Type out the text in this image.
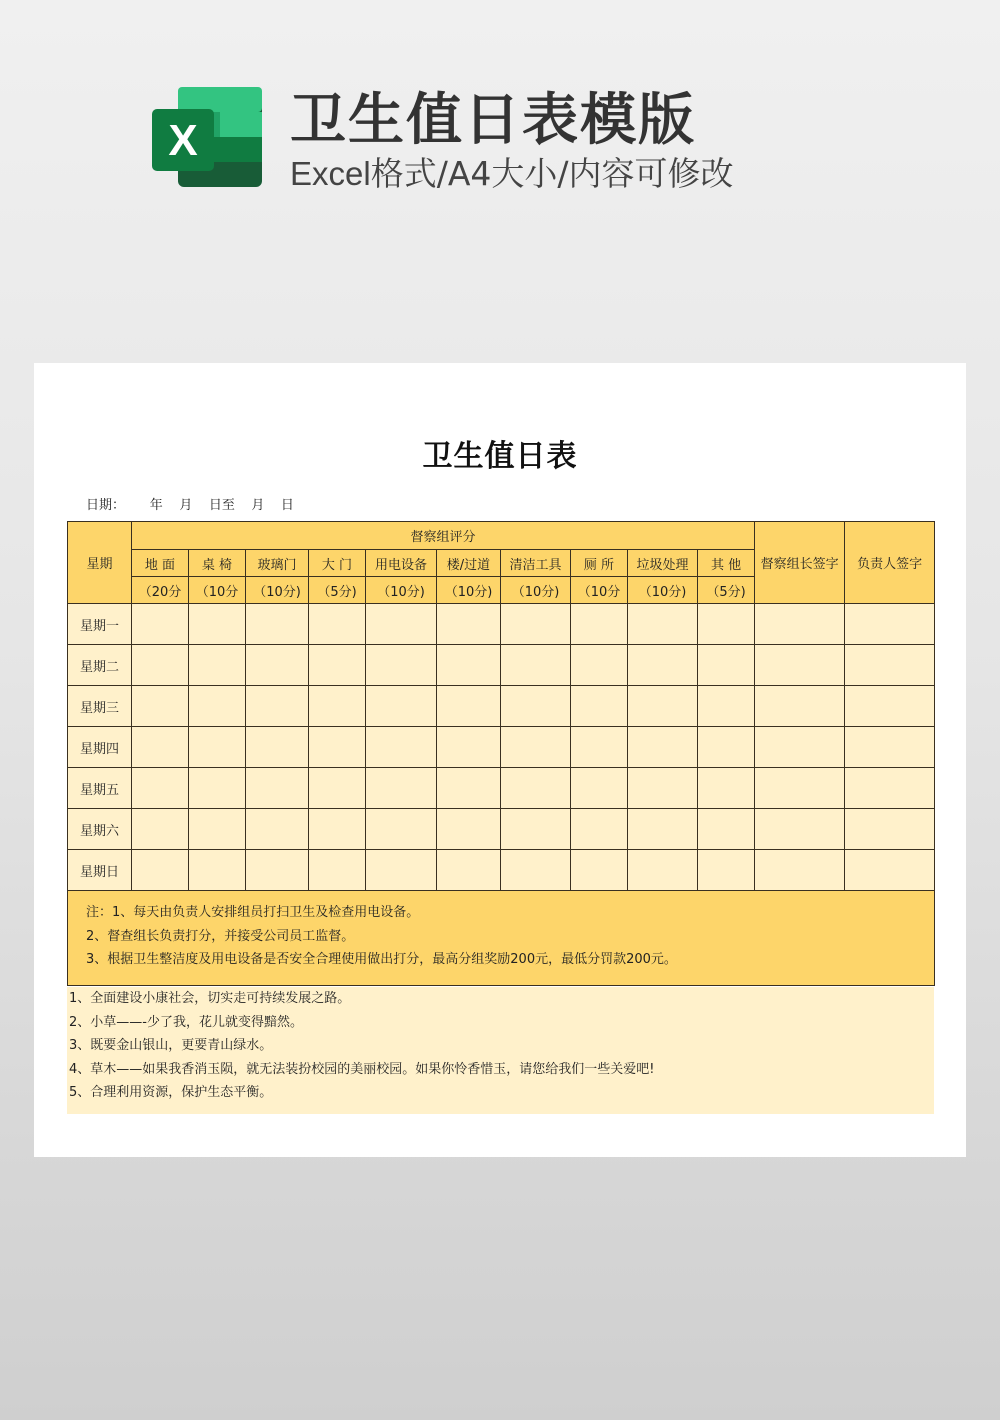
X 卫生值日表模版
Excel格式/A4大小/内容可修改
卫生值日表
日期：      年    月    日至    月    日
星期	督察组评分										督察组长签字	负责人签字
	地 面	桌 椅	玻璃门	大 门	用电设备	楼/过道	清洁工具	厕 所	垃圾处理	其 他		
	（20分	（10分	（10分)	（5分)	（10分)	（10分)	（10分)	（10分	（10分)	（5分)		
星期一												
星期二												
星期三												
星期四												
星期五												
星期六												
星期日												

注：1、每天由负责人安排组员打扫卫生及检查用电设备。
2、督查组长负责打分，并接受公司员工监督。
3、根据卫生整洁度及用电设备是否安全合理使用做出打分，最高分组奖励200元，最低分罚款200元。												
1、全面建设小康社会，切实走可持续发展之路。
2、小草——-少了我，花儿就变得黯然。
3、既要金山银山，更要青山绿水。
4、草木——如果我香消玉陨，就无法装扮校园的美丽校园。如果你怜香惜玉，请您给我们一些关爱吧!
5、合理利用资源，保护生态平衡。
